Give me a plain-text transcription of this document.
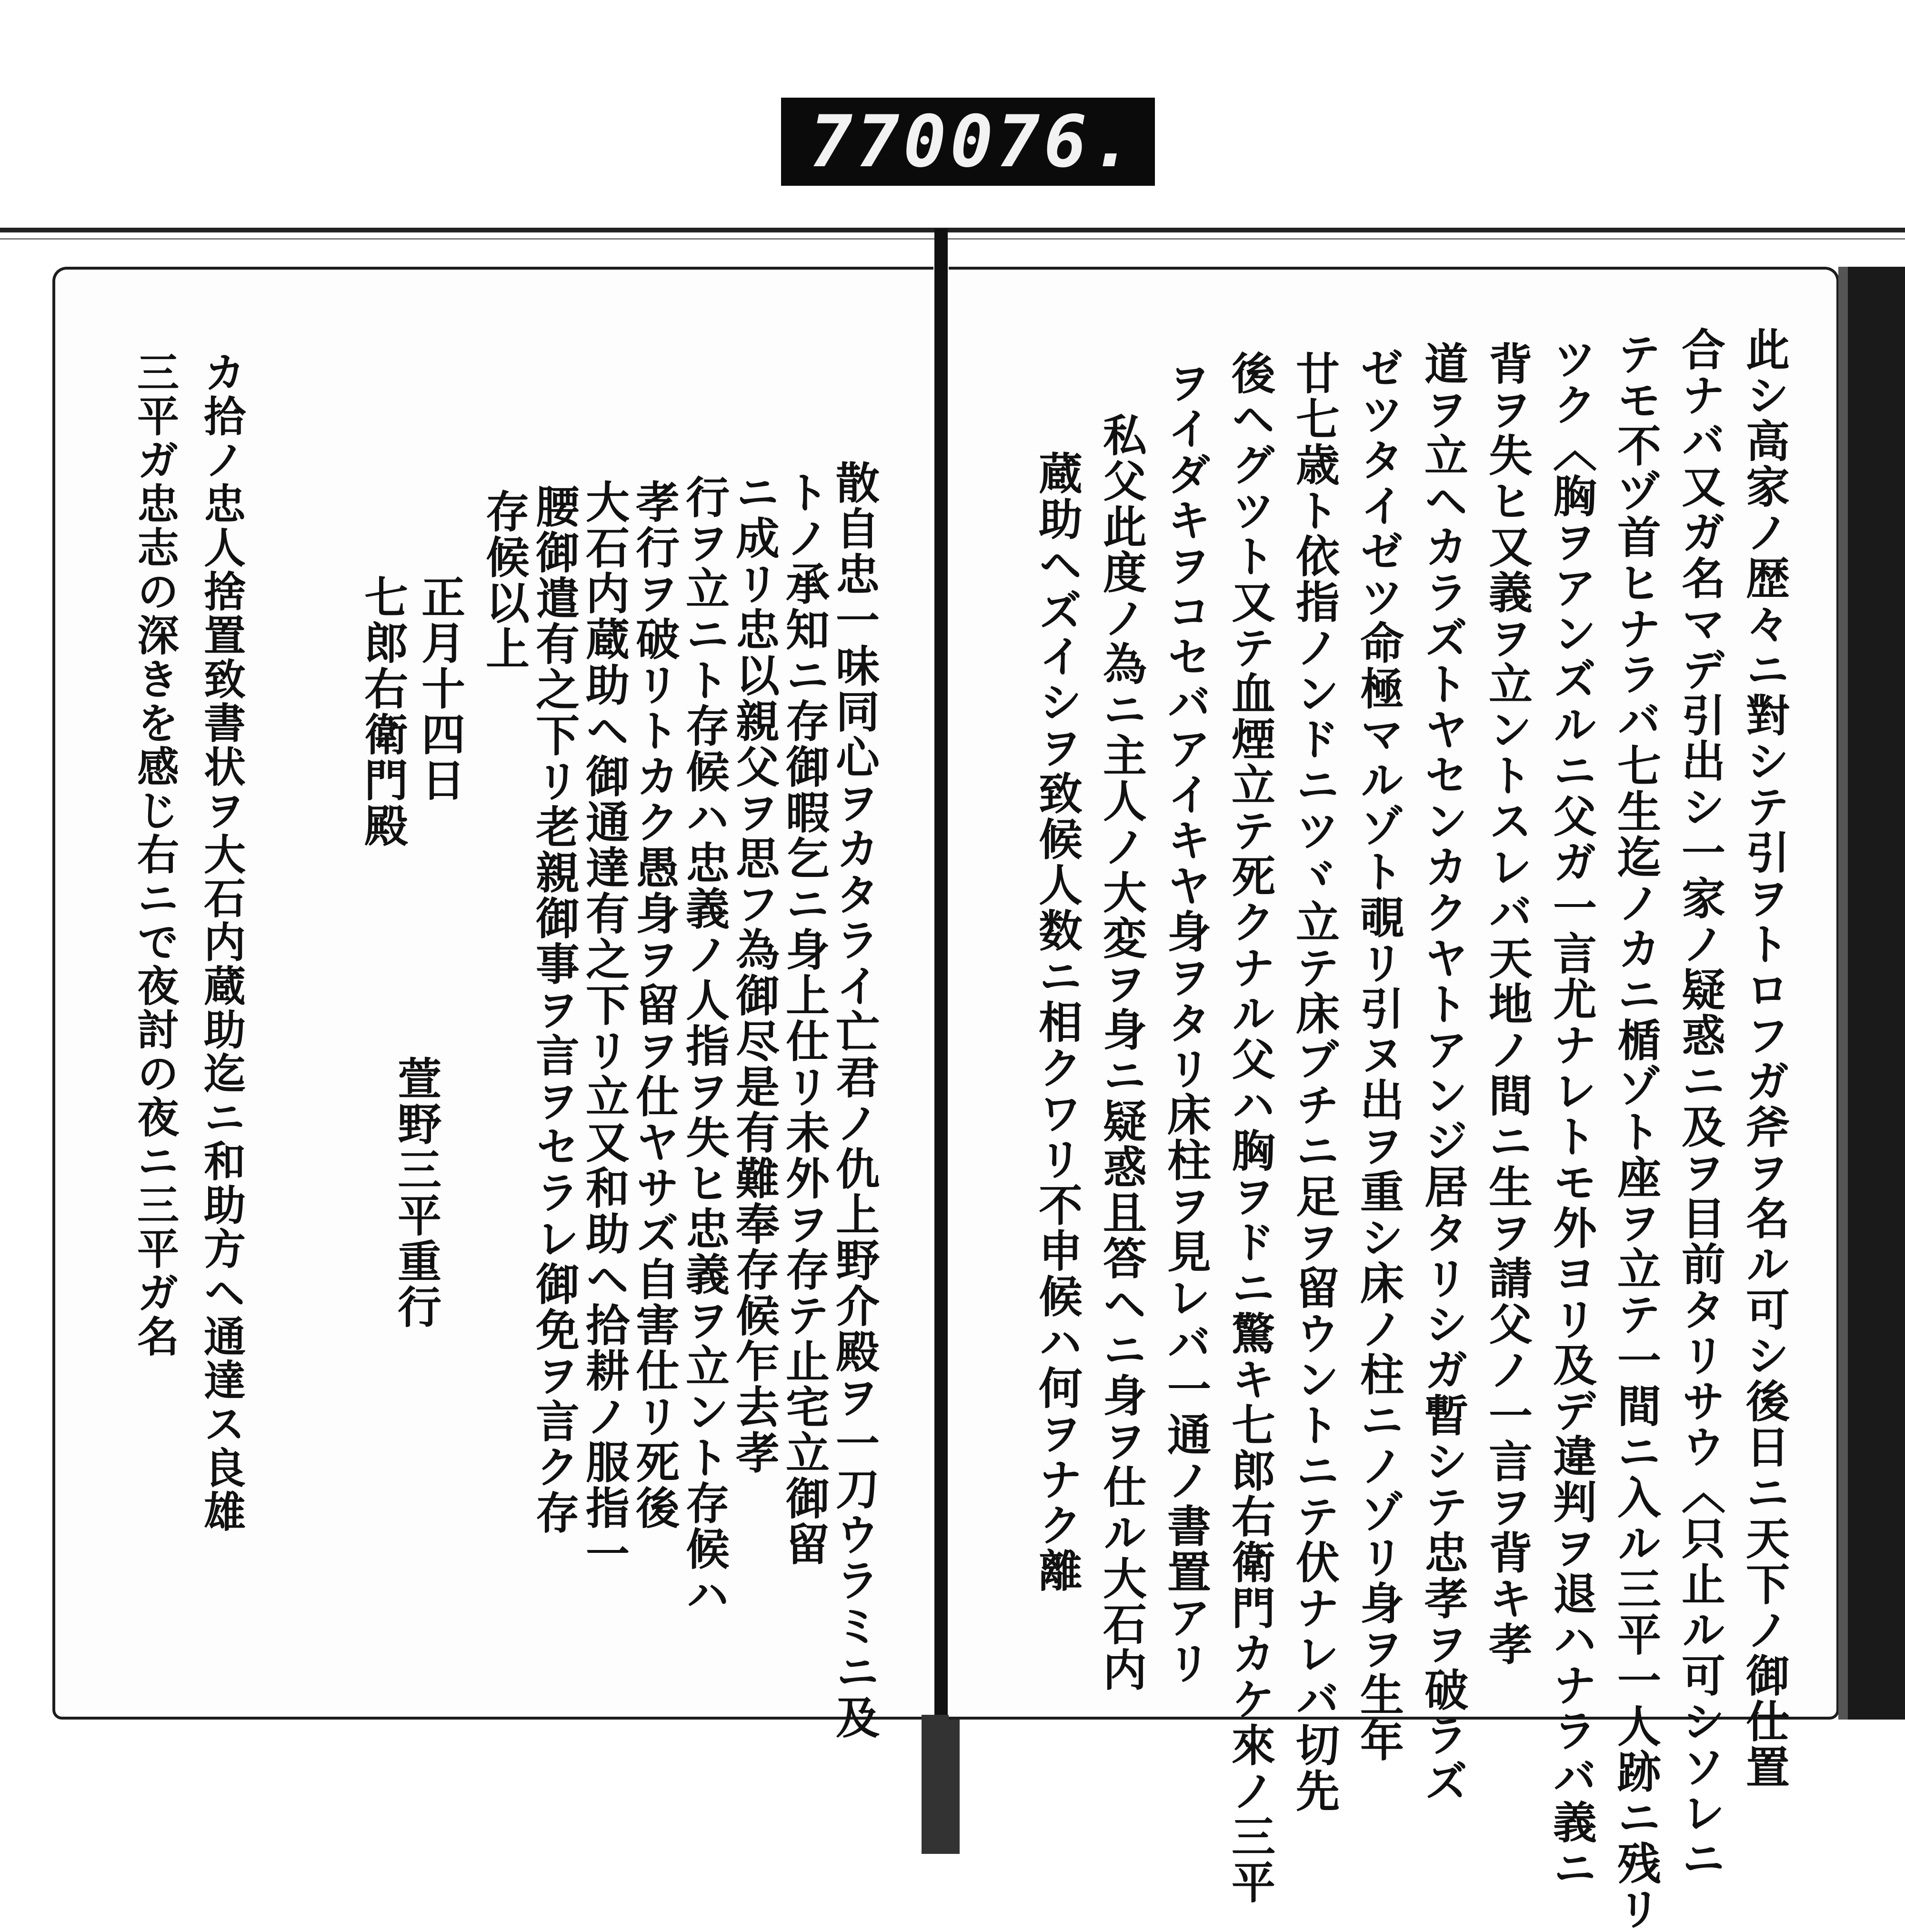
770 076.
散自忠一味同心ヲカタライ亡君ノ仇上野介殿ヲ一刀ウラミニ及
トノ承知ニ存御暇乞ニ身上仕リ未外ヲ存テ止宅立御留
ニ成リ忠以親父ヲ思フ為御尽是有難奉存候乍去孝
行ヲ立ニト存候ハ忠義ノ人指ヲ失ヒ忠義ヲ立ント存候ハ
孝行ヲ破リトカク愚身ヲ留ヲ仕ヤサズ自害仕リ死後
大石内蔵助ヘ御通達有之下リ立又和助ヘ拾耕ノ服指一
腰御遣有之下リ老親御事ヲ言ヲセラレ御免ヲ言ク存
存候以上
正月十四日
七郎右衛門殿
萱野三平重行
カ拾ノ忠人捨置致書状ヲ大石内蔵助迄ニ和助方ヘ通達ス良雄
三平ガ忠志の深きを感じ右ニで夜討の夜ニ三平ガ名	此シ高家ノ歴々ニ對シテ引ヲトロフガ斧ヲ名ル可シ後日ニ天下ノ御仕置
合ナバ又ガ名マデ引出シ一家ノ疑惑ニ及ヲ目前タリサウ〈只止ル可シソレニ
テモ不ヅ首ヒナラバ七生迄ノカニ楯ゾト座ヲ立テ一間ニ入ル三平一人跡ニ残リ
ツク〈胸ヲアンズルニ父ガ一言尤ナレトモ外ヨリ及デ違判ヲ退ハナラバ義ニ
背ヲ失ヒ又義ヲ立ントスレバ天地ノ間ニ生ヲ請父ノ一言ヲ背キ孝
道ヲ立ヘカラズトヤセンカクヤトアンジ居タリシガ暫シテ忠孝ヲ破ラズ
ゼツタイゼツ命極マルゾト覗リ引ヌ出ヲ重シ床ノ柱ニノゾリ身ヲ生年
廿七歳ト依指ノンドニツヾ立テ床ブチニ足ヲ留ウントニテ伏ナレバ切先
後ヘグツト又テ血煙立テ死クナル父ハ胸ヲドニ驚キ七郎右衛門カケ來ノ三平
ヲイダキヲコセバアイキヤ身ヲタリ床柱ヲ見レバ一通ノ書置アリ
私父此度ノ為ニ主人ノ大変ヲ身ニ疑惑且答ヘニ身ヲ仕ル大石内
蔵助ヘズイシヲ致候人数ニ相クワリ不申候ハ何ヲナク離
